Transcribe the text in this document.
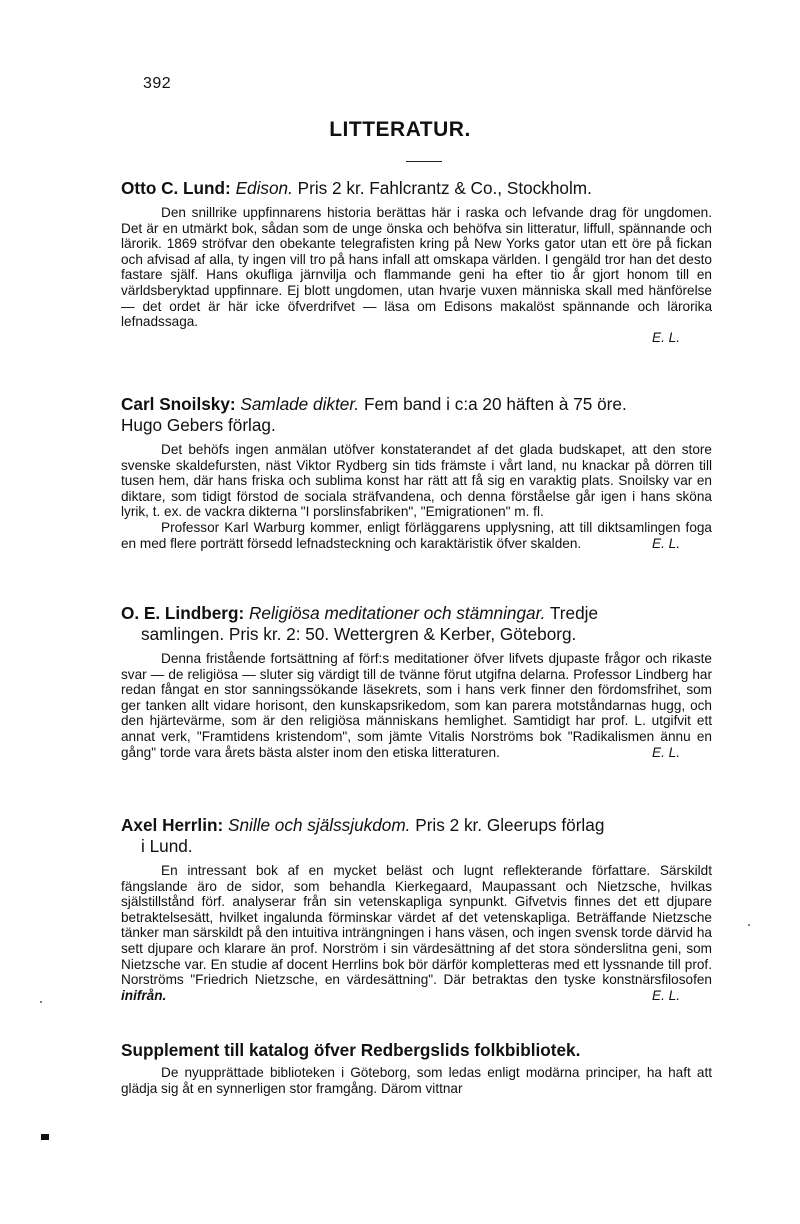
392
LITTERATUR.

Otto C. Lund: Edison. Pris 2 kr. Fahlcrantz & Co., Stockholm.

Den snillrike uppfinnarens historia berättas här i raska och lefvande drag för ungdomen. Det är en utmärkt bok, sådan som de unge önska och behöfva sin litteratur, liffull, spännande och lärorik. 1869 ströfvar den obekante telegrafisten kring på New Yorks gator utan ett öre på fickan och afvisad af alla, ty ingen vill tro på hans infall att omskapa världen. I gengäld tror han det desto fastare själf. Hans okufliga järnvilja och flammande geni ha efter tio år gjort honom till en världsberyktad uppfinnare. Ej blott ungdomen, utan hvarje vuxen människa skall med hänförelse — det ordet är här icke öfverdrifvet — läsa om Edisons makalöst spännande och lärorika lefnadssaga.

E. L.

Carl Snoilsky: Samlade dikter. Fem band i c:a 20 häften à 75 öre.
Hugo Gebers förlag.

Det behöfs ingen anmälan utöfver konstaterandet af det glada budskapet, att den store svenske skaldefursten, näst Viktor Rydberg sin tids främste i vårt land, nu knackar på dörren till tusen hem, där hans friska och sublima konst har rätt att få sig en varaktig plats. Snoilsky var en diktare, som tidigt förstod de sociala sträfvandena, och denna förståelse går igen i hans sköna lyrik, t. ex. de vackra dikterna "I porslinsfabriken", "Emigrationen" m. fl.

Professor Karl Warburg kommer, enligt förläggarens upplysning, att till diktsamlingen foga en med flere porträtt försedd lefnadsteckning och karaktäristik öfver skalden.	E. L.

O. E. Lindberg: Religiösa meditationer och stämningar. Tredje
samlingen. Pris kr. 2: 50. Wettergren & Kerber, Göteborg.

Denna fristående fortsättning af förf:s meditationer öfver lifvets djupaste frågor och rikaste svar — de religiösa — sluter sig värdigt till de tvänne förut utgifna delarna. Professor Lindberg har redan fångat en stor sanningssökande läsekrets, som i hans verk finner den fördomsfrihet, som ger tanken allt vidare horisont, den kunskapsrikedom, som kan parera motståndarnas hugg, och den hjärtevärme, som är den religiösa människans hemlighet. Samtidigt har prof. L. utgifvit ett annat verk, "Framtidens kristendom", som jämte Vitalis Norströms bok "Radikalismen ännu en gång" torde vara årets bästa alster inom den etiska litteraturen.	E. L.

Axel Herrlin: Snille och själssjukdom. Pris 2 kr. Gleerups förlag
i Lund.

En intressant bok af en mycket beläst och lugnt reflekterande författare. Särskildt fängslande äro de sidor, som behandla Kierkegaard, Maupassant och Nietzsche, hvilkas själstillstånd förf. analyserar från sin vetenskapliga synpunkt. Gifvetvis finnes det ett djupare betraktelsesätt, hvilket ingalunda förminskar värdet af det vetenskapliga. Beträffande Nietzsche tänker man särskildt på den intuitiva inträngningen i hans väsen, och ingen svensk torde därvid ha sett djupare och klarare än prof. Norström i sin värdesättning af det stora sönderslitna geni, som Nietzsche var. En studie af docent Herrlins bok bör därför kompletteras med ett lyssnande till prof. Norströms "Friedrich Nietzsche, en värdesättning". Där betraktas den tyske konstnärsfilosofen inifrån.	E. L.

Supplement till katalog öfver Redbergslids folkbibliotek.

De nyupprättade biblioteken i Göteborg, som ledas enligt modärna principer, ha haft att glädja sig åt en synnerligen stor framgång. Därom vittnar
